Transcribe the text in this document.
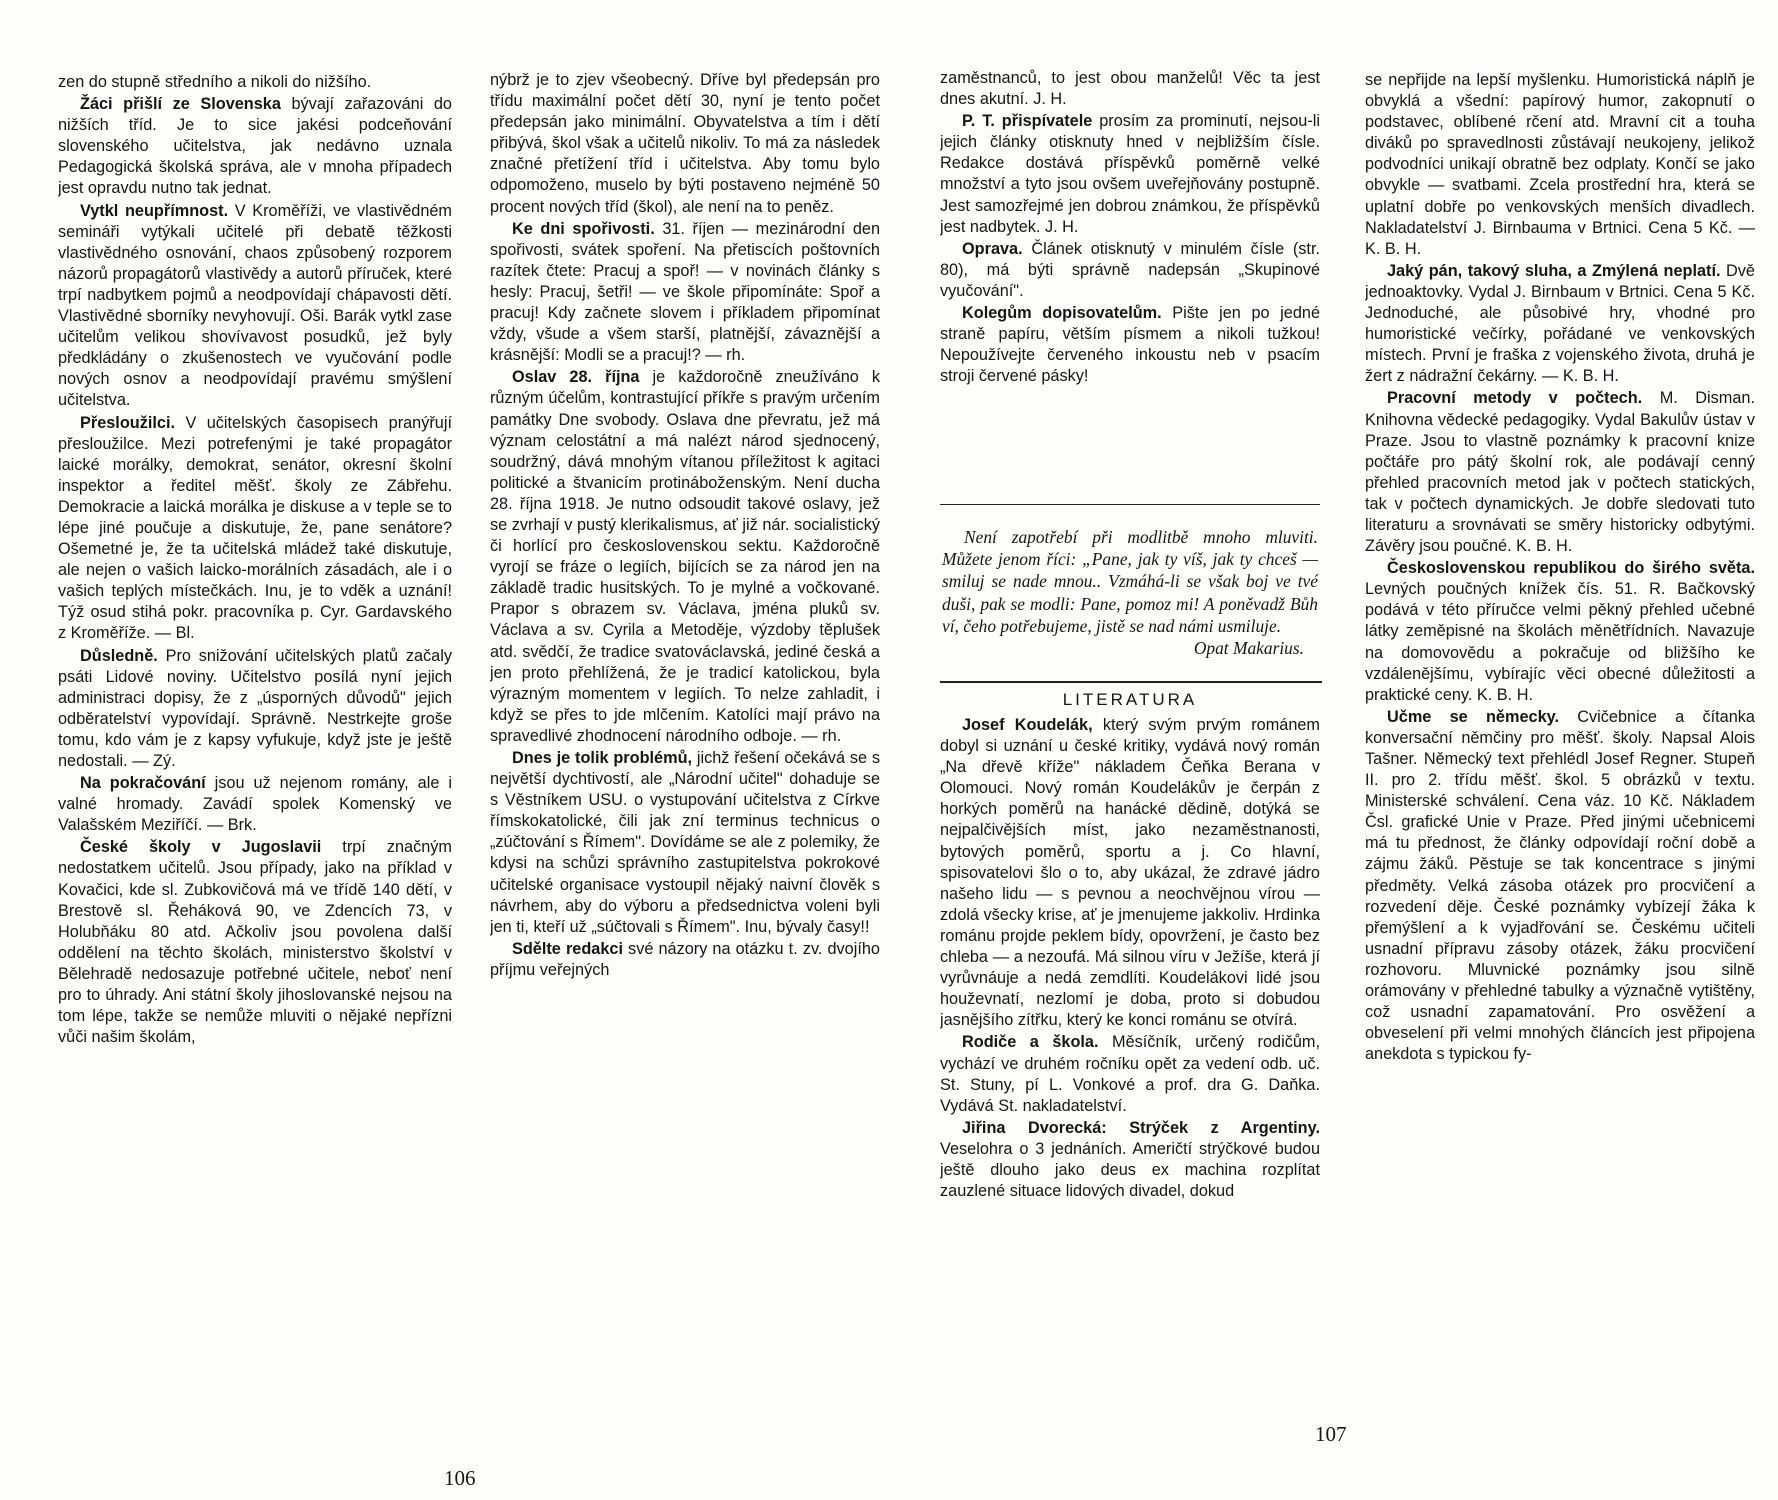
zen do stupně středního a nikoli do nižšího.

Žáci přišlí ze Slovenska bývají zařazováni do nižších tříd. Je to sice jakési podceňování slovenského učitelstva, jak nedávno uznala Pedagogická školská správa, ale v mnoha případech jest opravdu nutno tak jednat.

Vytkl neupřímnost. V Kroměříži, ve vlastivědném semináři vytýkali učitelé při debatě těžkosti vlastivědného osnování, chaos způsobený rozporem názorů propagátorů vlastivědy a autorů příruček, které trpí nadbytkem pojmů a neodpovídají chápavosti dětí. Vlastivědné sborníky nevyhovují. Oši. Barák vytkl zase učitelům velikou shovívavost posudků, jež byly předkládány o zkušenostech ve vyučování podle nových osnov a neodpovídají pravému smýšlení učitelstva.

Přesloužilci. V učitelských časopisech pranýřují přesloužilce. Mezi potrefenými je také propagátor laické morálky, demokrat, senátor, okresní školní inspektor a ředitel měšť. školy ze Zábřehu. Demokracie a laická morálka je diskuse a v teple se to lépe jiné poučuje a diskutuje, že, pane senátore? Ošemetné je, že ta učitelská mládež také diskutuje, ale nejen o vašich laicko-morálních zásadách, ale i o vašich teplých místečkách. Inu, je to vděk a uznání! Týž osud stihá pokr. pracovníka p. Cyr. Gardavského z Kroměříže. — Bl.

Důsledně. Pro snižování učitelských platů začaly psáti Lidové noviny. Učitelstvo posílá nyní jejich administraci dopisy, že z „úsporných důvodů" jejich odběratelství vypovídají. Správně. Nestrkejte groše tomu, kdo vám je z kapsy vyfukuje, když jste je ještě nedostali. — Zý.

Na pokračování jsou už nejenom romány, ale i valné hromady. Zavádí spolek Komenský ve Valašském Meziříčí. — Brk.

České školy v Jugoslavii trpí značným nedostatkem učitelů. Jsou případy, jako na příklad v Kovačici, kde sl. Zubkovičová má ve třídě 140 dětí, v Brestově sl. Řeháková 90, ve Zdencích 73, v Holubňáku 80 atd. Ačkoliv jsou povolena další oddělení na těchto školách, ministerstvo školství v Bělehradě nedosazuje potřebné učitele, neboť není pro to úhrady. Ani státní školy jihoslovanské nejsou na tom lépe, takže se nemůže mluviti o nějaké nepřízni vůči našim školám,

nýbrž je to zjev všeobecný. Dříve byl předepsán pro třídu maximální počet dětí 30, nyní je tento počet předepsán jako minimální. Obyvatelstva a tím i dětí přibývá, škol však a učitelů nikoliv. To má za následek značné přetížení tříd i učitelstva. Aby tomu bylo odpomoženo, muselo by býti postaveno nejméně 50 procent nových tříd (škol), ale není na to peněz.

Ke dni spořivosti. 31. říjen — mezinárodní den spořivosti, svátek spoření. Na přetiscích poštovních razítek čtete: Pracuj a spoř! — v novinách články s hesly: Pracuj, šetři! — ve škole připomínáte: Spoř a pracuj! Kdy začnete slovem i příkladem připomínat vždy, všude a všem starší, platnější, závaznější a krásnější: Modli se a pracuj!? — rh.

Oslav 28. října je každoročně zneužíváno k různým účelům, kontrastující příkře s pravým určením památky Dne svobody. Oslava dne převratu, jež má význam celostátní a má nalézt národ sjednocený, soudržný, dává mnohým vítanou příležitost k agitaci politické a štvanicím protináboženským. Není ducha 28. října 1918. Je nutno odsoudit takové oslavy, jež se zvrhají v pustý klerikalismus, ať již nár. socialistický či horlící pro československou sektu. Každoročně vyrojí se fráze o legiích, bijících se za národ jen na základě tradic husitských. To je mylné a vočkované. Prapor s obrazem sv. Václava, jména pluků sv. Václava a sv. Cyrila a Metoděje, výzdoby těplušek atd. svědčí, že tradice svatováclavská, jediné česká a jen proto přehlížená, že je tradicí katolickou, byla výrazným momentem v legiích. To nelze zahladit, i když se přes to jde mlčením. Katolíci mají právo na spravedlivé zhodnocení národního odboje. — rh.

Dnes je tolik problémů, jichž řešení očekává se s největší dychtivostí, ale „Národní učitel" dohaduje se s Věstníkem USU. o vystupování učitelstva z Církve římskokatolické, čili jak zní terminus technicus o „zúčtování s Římem". Dovídáme se ale z polemiky, že kdysi na schůzi správního zastupitelstva pokrokové učitelské organisace vystoupil nějaký naivní člověk s návrhem, aby do výboru a předsednictva voleni byli jen ti, kteří už „súčtovali s Římem". Inu, bývaly časy!!

Sdělte redakci své názory na otázku t. zv. dvojího příjmu veřejných

106

zaměstnanců, to jest obou manželů! Věc ta jest dnes akutní. J. H.

P. T. přispívatele prosím za prominutí, nejsou-li jejich články otisknuty hned v nejbližším čísle. Redakce dostává příspěvků poměrně velké množství a tyto jsou ovšem uveřejňovány postupně. Jest samozřejmé jen dobrou známkou, že příspěvků jest nadbytek. J. H.

Oprava. Článek otisknutý v minulém čísle (str. 80), má býti správně nadepsán „Skupinové vyučování".

Kolegům dopisovatelům. Pište jen po jedné straně papíru, větším písmem a nikoli tužkou! Nepoužívejte červeného inkoustu neb v psacím stroji červené pásky!

Není zapotřebí při modlitbě mnoho mluviti. Můžete jenom říci: „Pane, jak ty víš, jak ty chceš — smiluj se nade mnou.. Vzmáhá-li se však boj ve tvé duši, pak se modli: Pane, pomoz mi! A poněvadž Bůh ví, čeho potřebujeme, jistě se nad námi usmiluje.

Opat Makarius.

LITERATURA

Josef Koudelák, který svým prvým románem dobyl si uznání u české kritiky, vydává nový román „Na dřevě kříže" nákladem Čeňka Berana v Olomouci. Nový román Koudelákův je čerpán z horkých poměrů na hanácké dědině, dotýká se nejpalčivějších míst, jako nezaměstnanosti, bytových poměrů, sportu a j. Co hlavní, spisovatelovi šlo o to, aby ukázal, že zdravé jádro našeho lidu — s pevnou a neochvějnou vírou — zdolá všecky krise, ať je jmenujeme jakkoliv. Hrdinka románu projde peklem bídy, opovržení, je často bez chleba — a nezoufá. Má silnou víru v Ježíše, která jí vyrůvnáuje a nedá zemdlíti. Koudelákovi lidé jsou houževnatí, nezlomí je doba, proto si dobudou jasnějšího zítřku, který ke konci románu se otvírá.

Rodiče a škola. Měsíčník, určený rodičům, vychází ve druhém ročníku opět za vedení odb. uč. St. Stuny, pí L. Vonkové a prof. dra G. Daňka. Vydává St. nakladatelství.

Jiřina Dvorecká: Strýček z Argentiny. Veselohra o 3 jednáních. Američtí strýčkové budou ještě dlouho jako deus ex machina rozplítat zauzlené situace lidových divadel, dokud

se nepřijde na lepší myšlenku. Humoristická náplň je obvyklá a všední: papírový humor, zakopnutí o podstavec, oblíbené rčení atd. Mravní cit a touha diváků po spravedlnosti zůstávají neukojeny, jelikož podvodníci unikají obratně bez odplaty. Končí se jako obvykle — svatbami. Zcela prostřední hra, která se uplatní dobře po venkovských menších divadlech. Nakladatelství J. Birnbauma v Brtnici. Cena 5 Kč. — K. B. H.

Jaký pán, takový sluha, a Zmýlená neplatí. Dvě jednoaktovky. Vydal J. Birnbaum v Brtnici. Cena 5 Kč. Jednoduché, ale působivé hry, vhodné pro humoristické večírky, pořádané ve venkovských místech. První je fraška z vojenského života, druhá je žert z nádražní čekárny. — K. B. H.

Pracovní metody v počtech. M. Disman. Knihovna vědecké pedagogiky. Vydal Bakulův ústav v Praze. Jsou to vlastně poznámky k pracovní knize počtáře pro pátý školní rok, ale podávají cenný přehled pracovních metod jak v počtech statických, tak v počtech dynamických. Je dobře sledovati tuto literaturu a srovnávati se směry historicky odbytými. Závěry jsou poučné. K. B. H.

Československou republikou do širého světa. Levných poučných knížek čís. 51. R. Bačkovský podává v této příručce velmi pěkný přehled učebné látky zeměpisné na školách měnětřídních. Navazuje na domovovědu a pokračuje od bližšího ke vzdálenějšímu, vybírajíc věci obecné důležitosti a praktické ceny. K. B. H.

Učme se německy. Cvičebnice a čítanka konversační němčiny pro měšť. školy. Napsal Alois Tašner. Německý text přehlédl Josef Regner. Stupeň II. pro 2. třídu měšť. škol. 5 obrázků v textu. Ministerské schválení. Cena váz. 10 Kč. Nákladem Čsl. grafické Unie v Praze. Před jinými učebnicemi má tu přednost, že články odpovídají roční době a zájmu žáků. Pěstuje se tak koncentrace s jinými předměty. Velká zásoba otázek pro procvičení a rozvedení děje. České poznámky vybízejí žáka k přemýšlení a k vyjadřování se. Českému učiteli usnadní přípravu zásoby otázek, žáku procvičení rozhovoru. Mluvnické poznámky jsou silně orámovány v přehledné tabulky a význačně vytištěny, což usnadní zapamatování. Pro osvěžení a obveselení při velmi mnohých článcích jest připojena anekdota s typickou fy-

107
